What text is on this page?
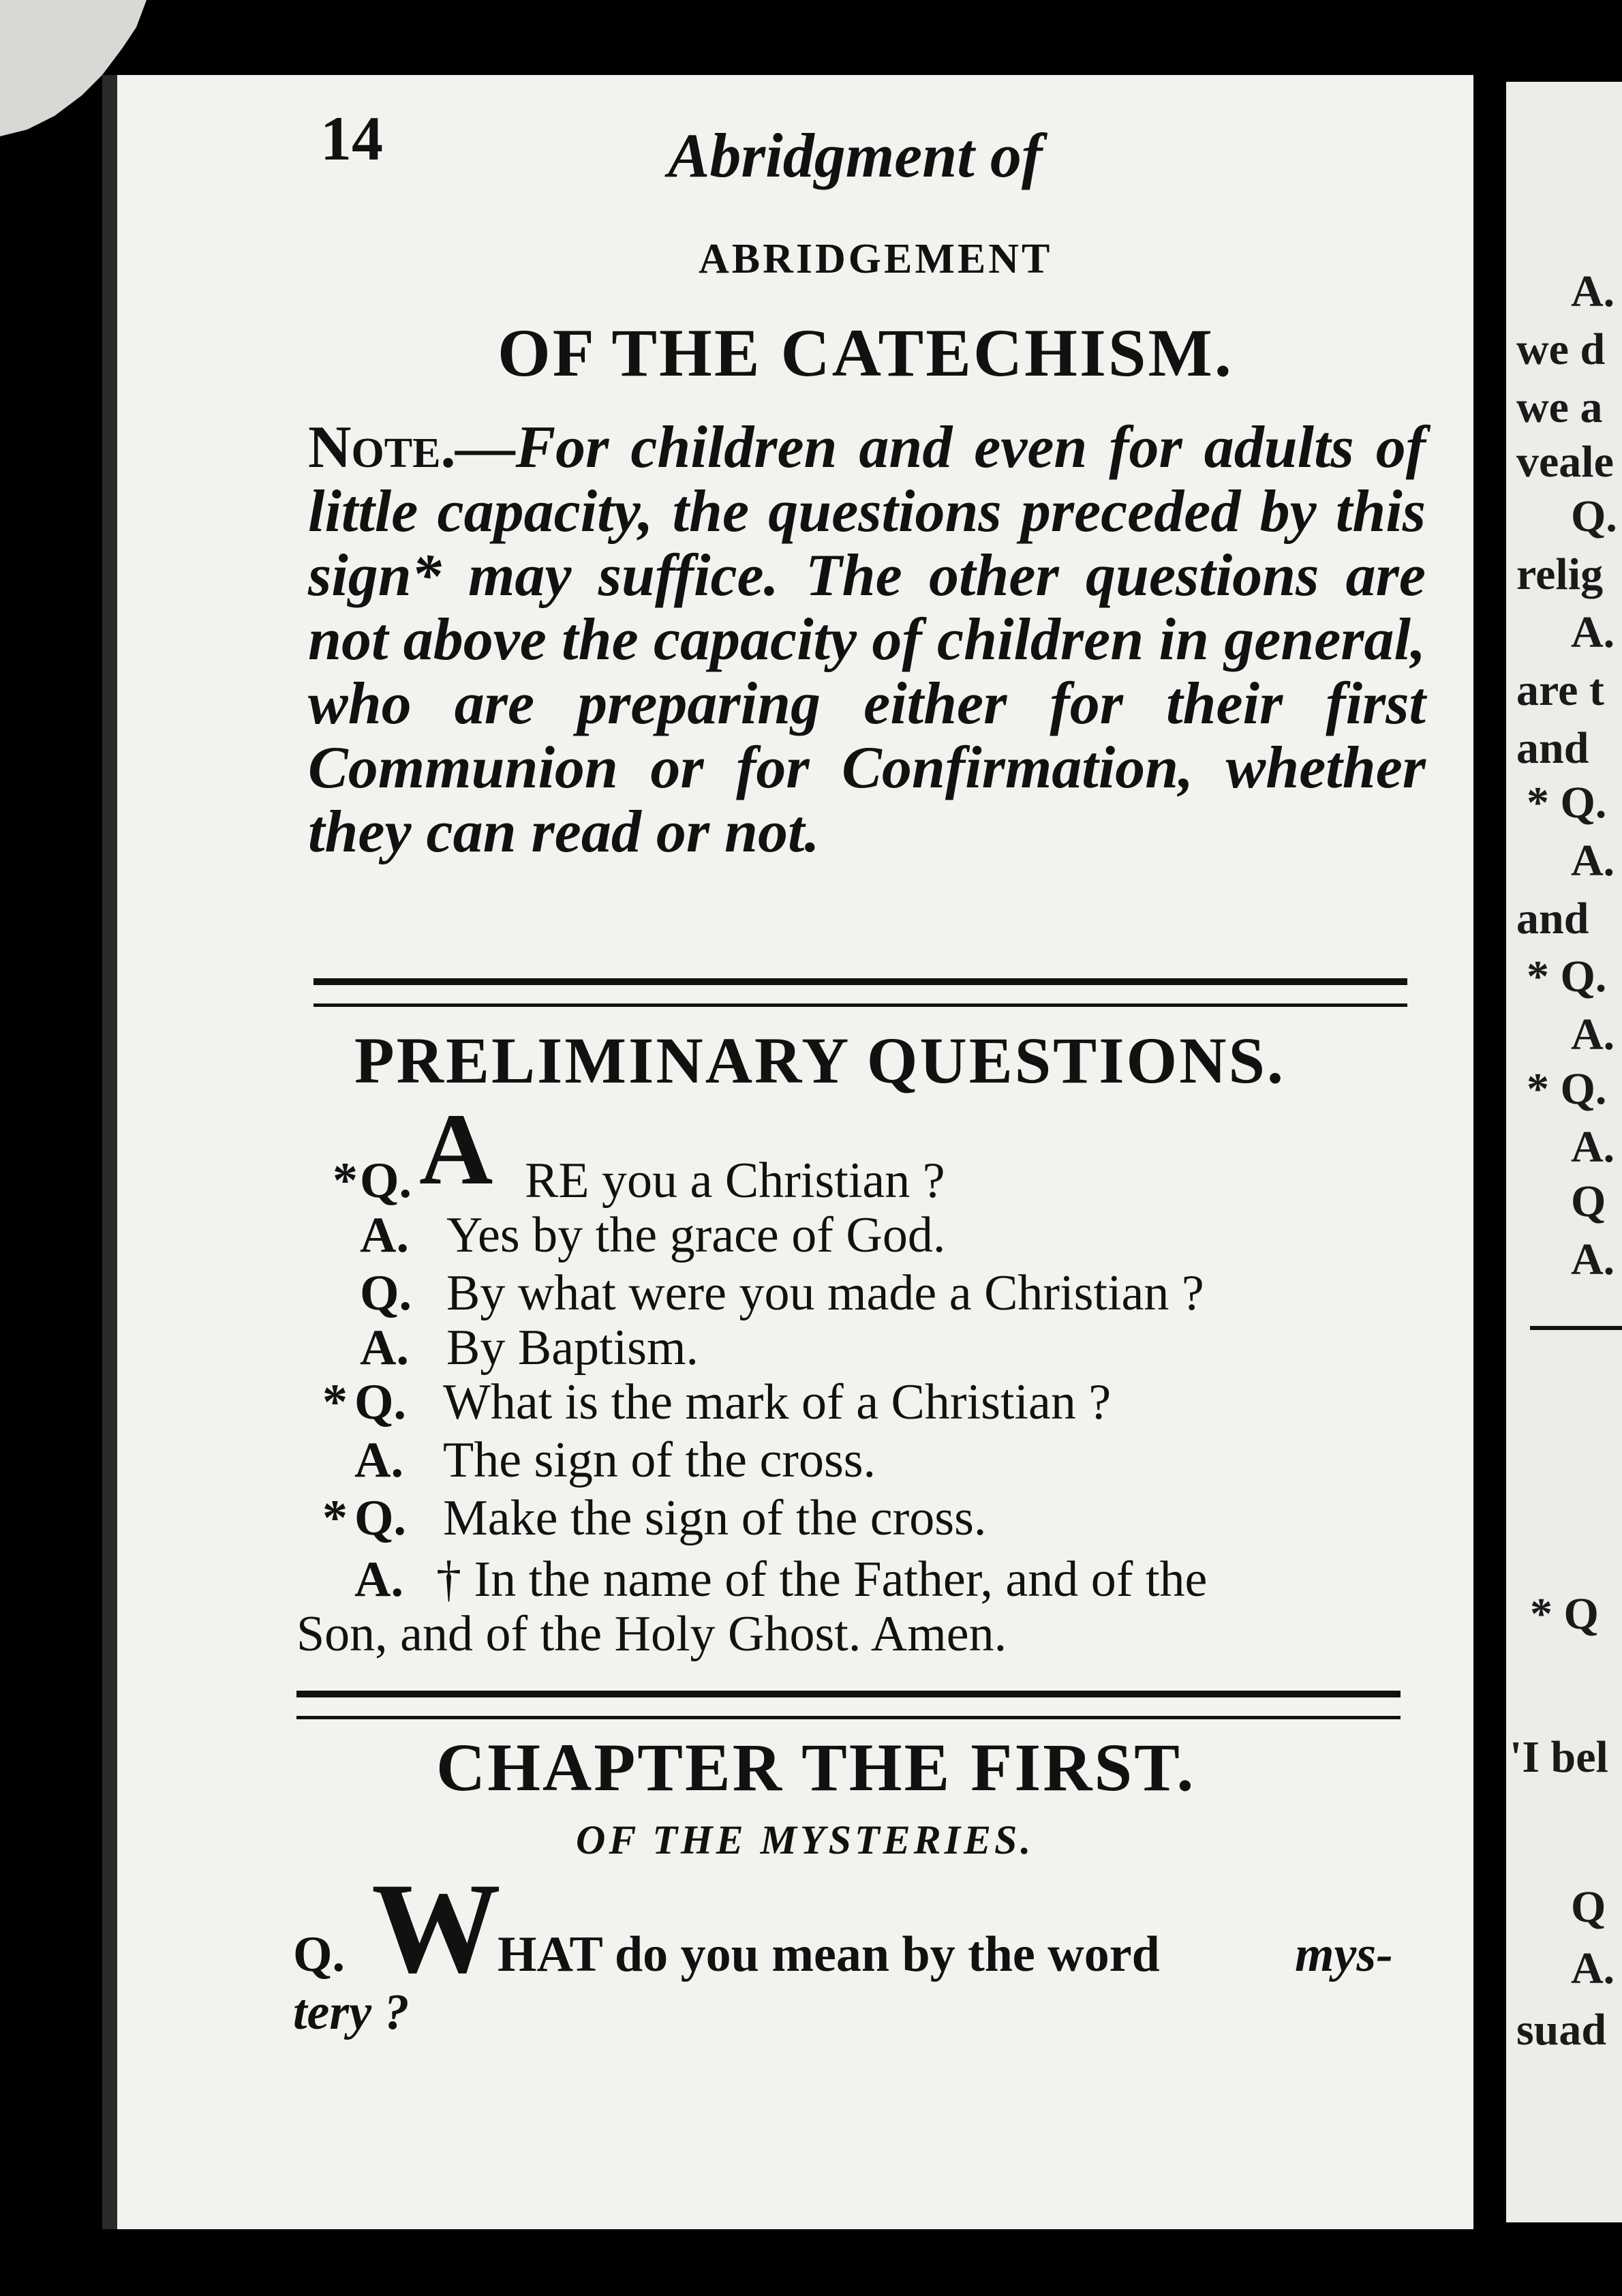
14	Abridgment of
ABRIDGEMENT
OF THE CATECHISM.
Note.—For children and even for adults of little capacity, the questions preceded by this sign* may suffice. The other questions are not above the capacity of children in general, who are preparing either for their first Communion or for Confirmation, whether they can read or not.
PRELIMINARY QUESTIONS.
A
* Q. RE you a Christian ?
A. Yes by the grace of God.
Q. By what were you made a Christian ?
A. By Baptism.
* Q. What is the mark of a Christian ?
A. The sign of the cross.
* Q. Make the sign of the cross.
A. † In the name of the Father, and of the
Son, and of the Holy Ghost. Amen.
CHAPTER THE FIRST.
OF THE MYSTERIES.
W
Q.	HAT do you mean by the word	mys-
tery ?
A.
we d
we a
veale
Q.
relig
A.
are t
and
* Q.
A.
and
* Q.
A.
* Q.
A.
Q
A.
* Q
'I bel
Q
A.
suad
